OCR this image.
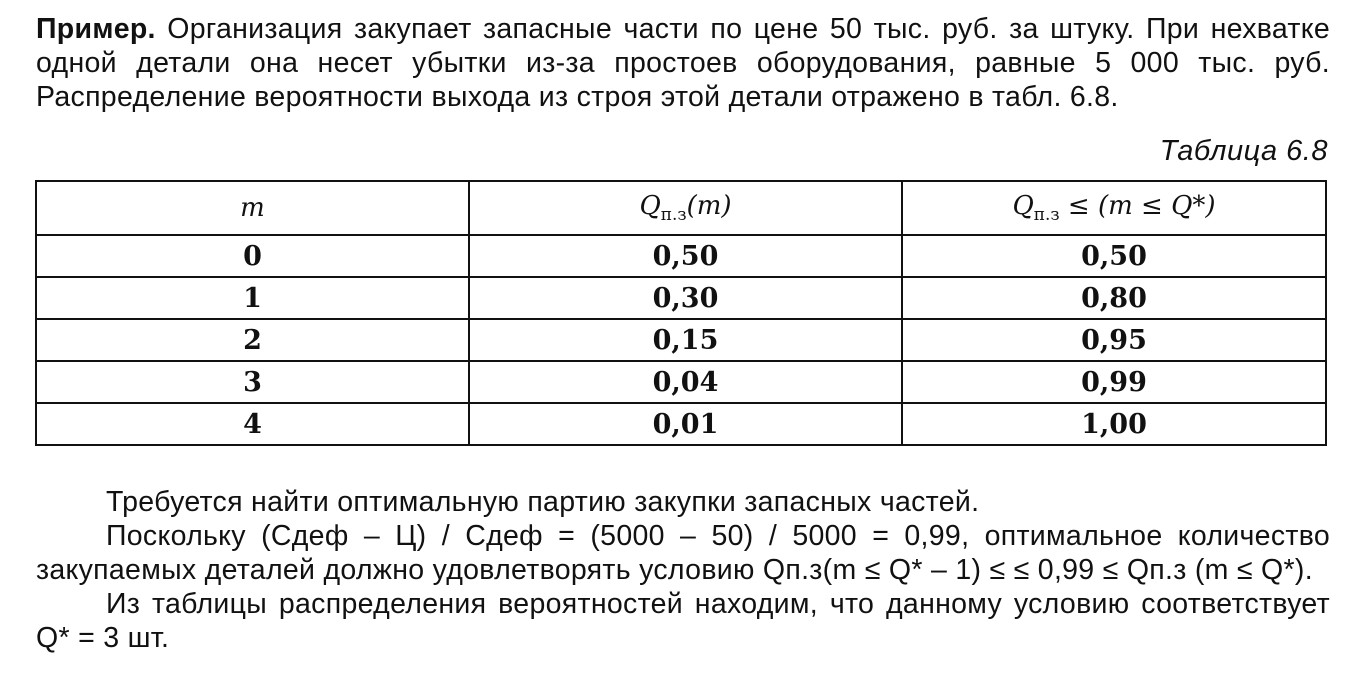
Пример. Организация закупает запасные части по цене 50 тыс. руб. за штуку. При нехватке одной детали она несет убытки из-за простоев оборудования, равные 5 000 тыс. руб. Распределение вероятности выхода из строя этой детали отражено в табл. 6.8.
Таблица 6.8
m	$Q_{п.з}(m)$	$Q_{п.з} \le (m \le Q*)$
0	0,50	0,50
1	0,30	0,80
2	0,15	0,95
3	0,04	0,99
4	0,01	1,00
Требуется найти оптимальную партию закупки запасных частей.
Поскольку (Cдеф – Ц) / Cдеф = (5000 – 50) / 5000 = 0,99, оптимальное количество закупаемых деталей должно удовлетворять условию Qп.з(m ≤ Q* – 1) ≤ ≤ 0,99 ≤ Qп.з (m ≤ Q*).
Из таблицы распределения вероятностей находим, что данному условию соответствует Q* = 3 шт.
